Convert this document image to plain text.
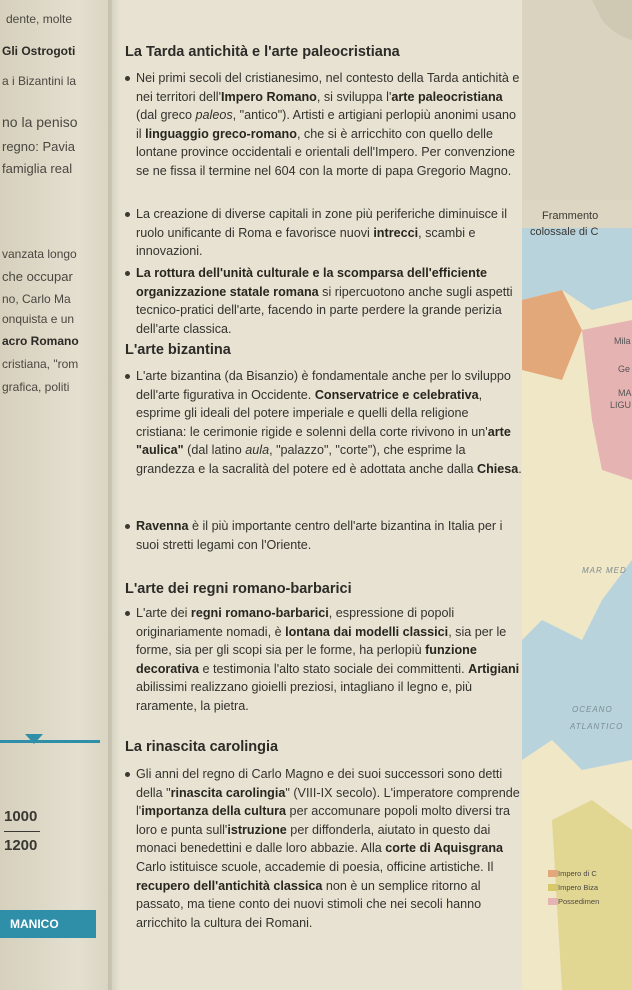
dente, molte
Gli Ostrogoti
a i Bizantini la
no la peniso
regno: Pavia
famiglia real
vanzata longo
che occupar
no, Carlo Ma
onquista e un
acro Romano
cristiana, "rom
grafica, politi
1000
1200
MANICO
La Tarda antichità e l'arte paleocristiana
Nei primi secoli del cristianesimo, nel contesto della Tarda antichità e nei territori dell'Impero Romano, si sviluppa l'arte paleocristiana (dal greco paleos, "antico"). Artisti e artigiani perlopiù anonimi usano il linguaggio greco-romano, che si è arricchito con quello delle lontane province occidentali e orientali dell'Impero. Per convenzione se ne fissa il termine nel 604 con la morte di papa Gregorio Magno.
La creazione di diverse capitali in zone più periferiche diminuisce il ruolo unificante di Roma e favorisce nuovi intrecci, scambi e innovazioni.
La rottura dell'unità culturale e la scomparsa dell'efficiente organizzazione statale romana si ripercuotono anche sugli aspetti tecnico-pratici dell'arte, facendo in parte perdere la grande perizia dell'arte classica.
L'arte bizantina
L'arte bizantina (da Bisanzio) è fondamentale anche per lo sviluppo dell'arte figurativa in Occidente. Conservatrice e celebrativa, esprime gli ideali del potere imperiale e quelli della religione cristiana: le cerimonie rigide e solenni della corte rivivono in un'arte "aulica" (dal latino aula, "palazzo", "corte"), che esprime la grandezza e la sacralità del potere ed è adottata anche dalla Chiesa.
Ravenna è il più importante centro dell'arte bizantina in Italia per i suoi stretti legami con l'Oriente.
L'arte dei regni romano-barbarici
L'arte dei regni romano-barbarici, espressione di popoli originariamente nomadi, è lontana dai modelli classici, sia per le forme, sia per gli scopi sia per le forme, ha perlopiù funzione decorativa e testimonia l'alto stato sociale dei committenti. Artigiani abilissimi realizzano gioielli preziosi, intagliano il legno e, più raramente, la pietra.
La rinascita carolingia
Gli anni del regno di Carlo Magno e dei suoi successori sono detti della "rinascita carolingia" (VIII-IX secolo). L'imperatore comprende l'importanza della cultura per accomunare popoli molto diversi tra loro e punta sull'istruzione per diffonderla, aiutato in questo dai monaci benedettini e dalle loro abbazie. Alla corte di Aquisgrana Carlo istituisce scuole, accademie di poesia, officine artistiche. Il recupero dell'antichità classica non è un semplice ritorno al passato, ma tiene conto dei nuovi stimoli che nei secoli hanno arricchito la cultura dei Romani.
Frammento
colossale di C
Mila
Ge
MA
LIGU
MAR MED
OCEANO
ATLANTICO
Impero di C
Impero Biza
Possedimen
